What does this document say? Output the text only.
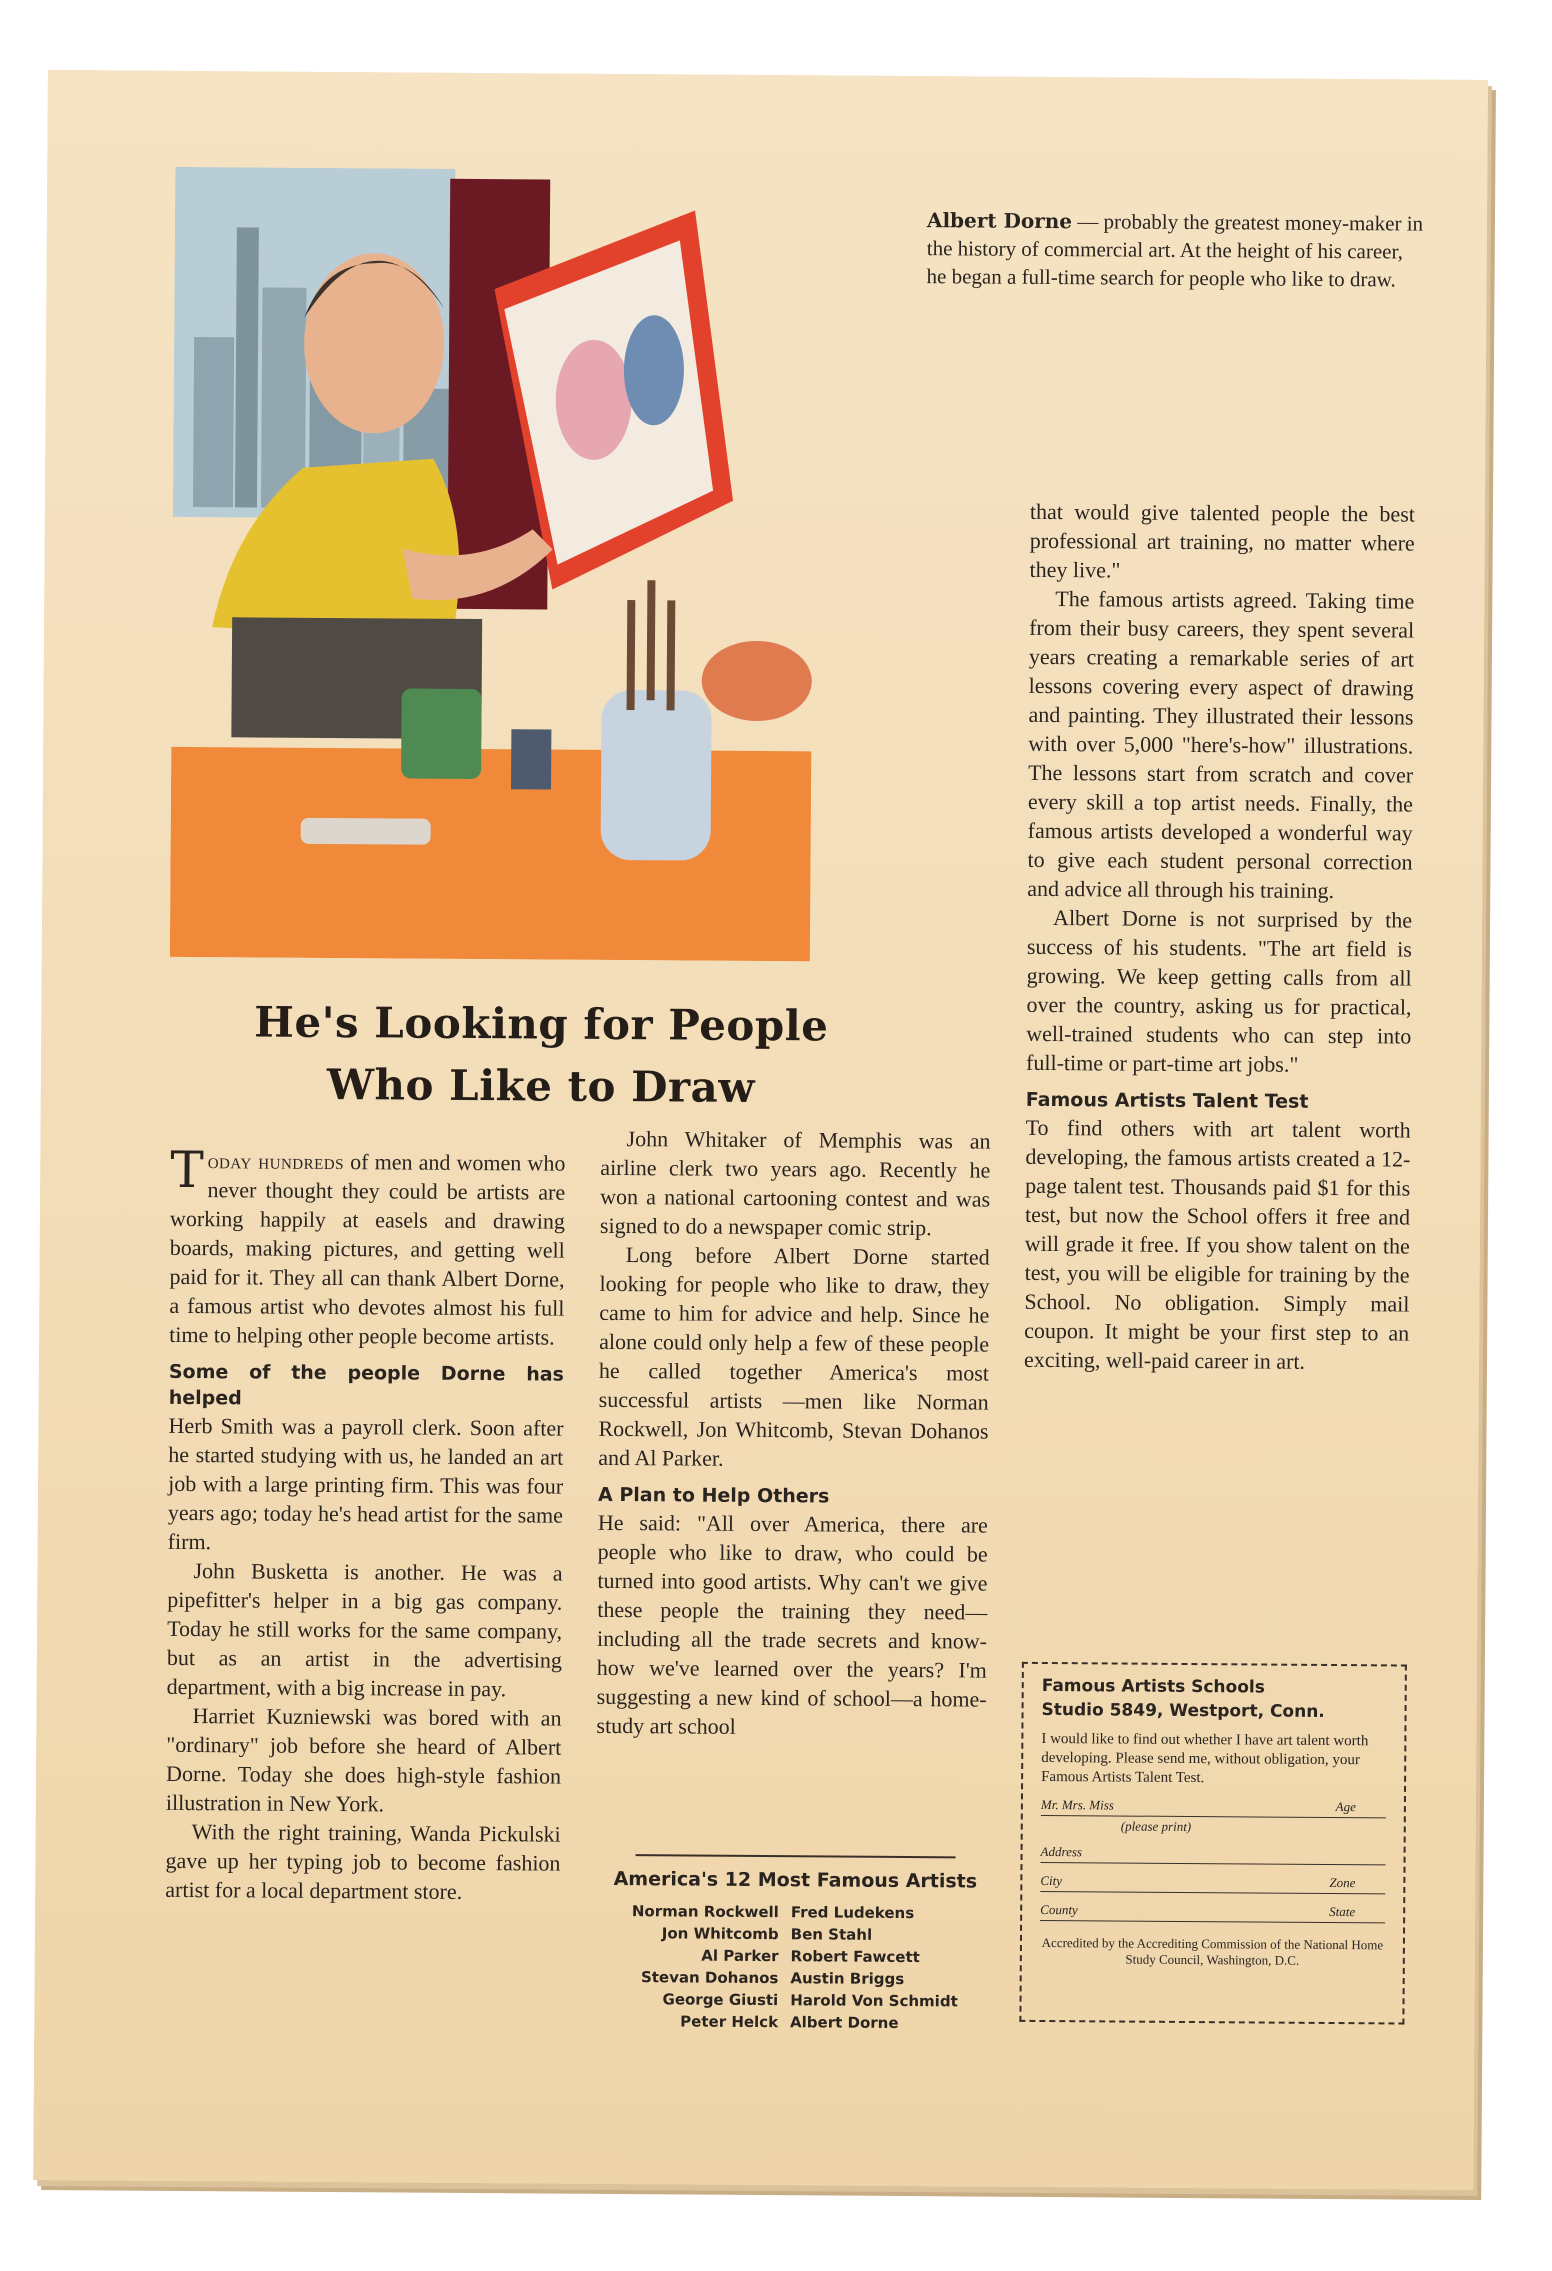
Albert Dorne — probably the greatest money-maker in the history of commercial art. At the height of his career, he began a full-time search for people who like to draw.
He's Looking for People
Who Like to Draw

Today hundreds of men and women who never thought they could be artists are working happily at easels and drawing boards, making pictures, and getting well paid for it. They all can thank Albert Dorne, a famous artist who devotes almost his full time to helping other people become artists.

Some of the people Dorne has helped

Herb Smith was a payroll clerk. Soon after he started studying with us, he landed an art job with a large printing firm. This was four years ago; today he's head artist for the same firm.

John Busketta is another. He was a pipefitter's helper in a big gas company. Today he still works for the same company, but as an artist in the advertising department, with a big increase in pay.

Harriet Kuzniewski was bored with an "ordinary" job before she heard of Albert Dorne. Today she does high-style fashion illustration in New York.

With the right training, Wanda Pickulski gave up her typing job to become fashion artist for a local department store.

John Whitaker of Memphis was an airline clerk two years ago. Recently he won a national cartooning contest and was signed to do a newspaper comic strip.

Long before Albert Dorne started looking for people who like to draw, they came to him for advice and help. Since he alone could only help a few of these people he called together America's most successful artists —men like Norman Rockwell, Jon Whitcomb, Stevan Dohanos and Al Parker.

A Plan to Help Others

He said: "All over America, there are people who like to draw, who could be turned into good artists. Why can't we give these people the training they need—including all the trade secrets and know-how we've learned over the years? I'm suggesting a new kind of school—a home-study art school

that would give talented people the best professional art training, no matter where they live."

The famous artists agreed. Taking time from their busy careers, they spent several years creating a remarkable series of art lessons covering every aspect of drawing and painting. They illustrated their lessons with over 5,000 "here's-how" illustrations. The lessons start from scratch and cover every skill a top artist needs. Finally, the famous artists developed a wonderful way to give each student personal correction and advice all through his training.

Albert Dorne is not surprised by the success of his students. "The art field is growing. We keep getting calls from all over the country, asking us for practical, well-trained students who can step into full-time or part-time art jobs."

Famous Artists Talent Test

To find others with art talent worth developing, the famous artists created a 12-page talent test. Thousands paid $1 for this test, but now the School offers it free and will grade it free. If you show talent on the test, you will be eligible for training by the School. No obligation. Simply mail coupon. It might be your first step to an exciting, well-paid career in art.

America's 12 Most Famous Artists
Norman Rockwell	Fred Ludekens
Jon Whitcomb	Ben Stahl
Al Parker	Robert Fawcett
Stevan Dohanos	Austin Briggs
George Giusti	Harold Von Schmidt
Peter Helck	Albert Dorne
Famous Artists Schools
Studio 5849, Westport, Conn.
I would like to find out whether I have art talent worth developing. Please send me, without obligation, your Famous Artists Talent Test.
Mr. Mrs. Miss	Age
(please print)
Address
City	Zone
County	State
Accredited by the Accrediting Commission of the National Home Study Council, Washington, D.C.
